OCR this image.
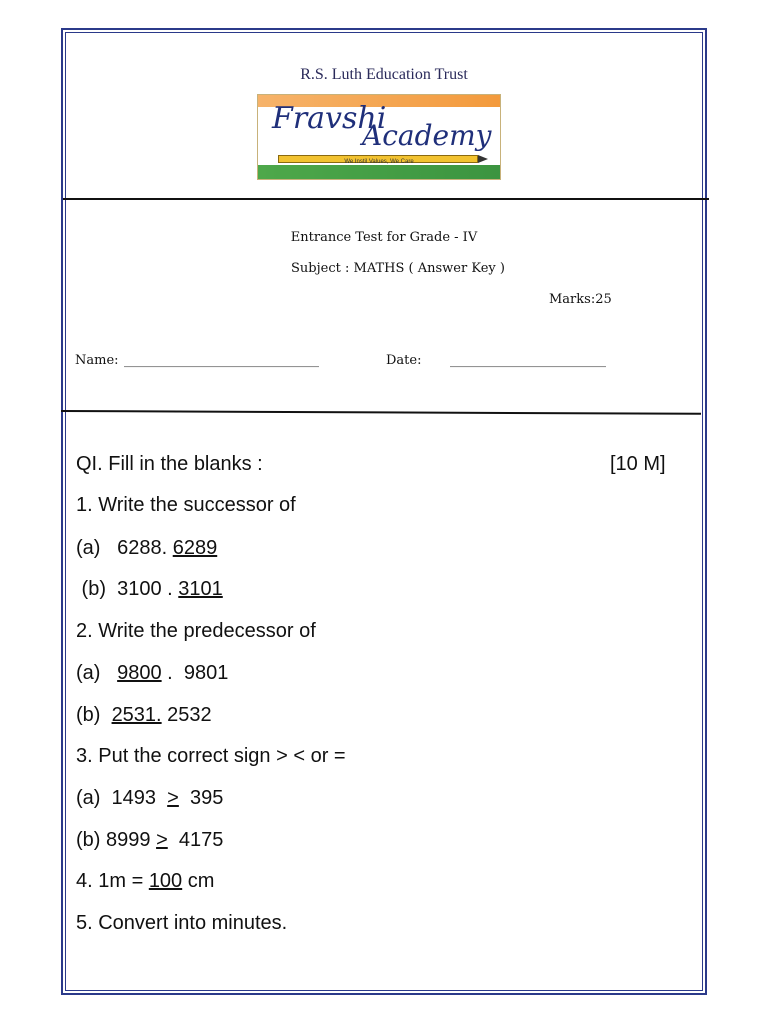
R.S. Luth Education Trust
Fravshi
Academy
We Instil Values, We Care
Entrance Test for Grade - IV
Subject : MATHS ( Answer Key )
Marks:25
Name: ______________________________	Date: ________________________
QI. Fill in the blanks :	[10 M]
1. Write the successor of
(a)   6288. 6289
(b)  3100 . 3101
2. Write the predecessor of
(a)   9800 .  9801
(b)  2531. 2532
3. Put the correct sign > < or =
(a)  1493  >  395
(b) 8999 >  4175
4. 1m = 100 cm
5. Convert into minutes.
